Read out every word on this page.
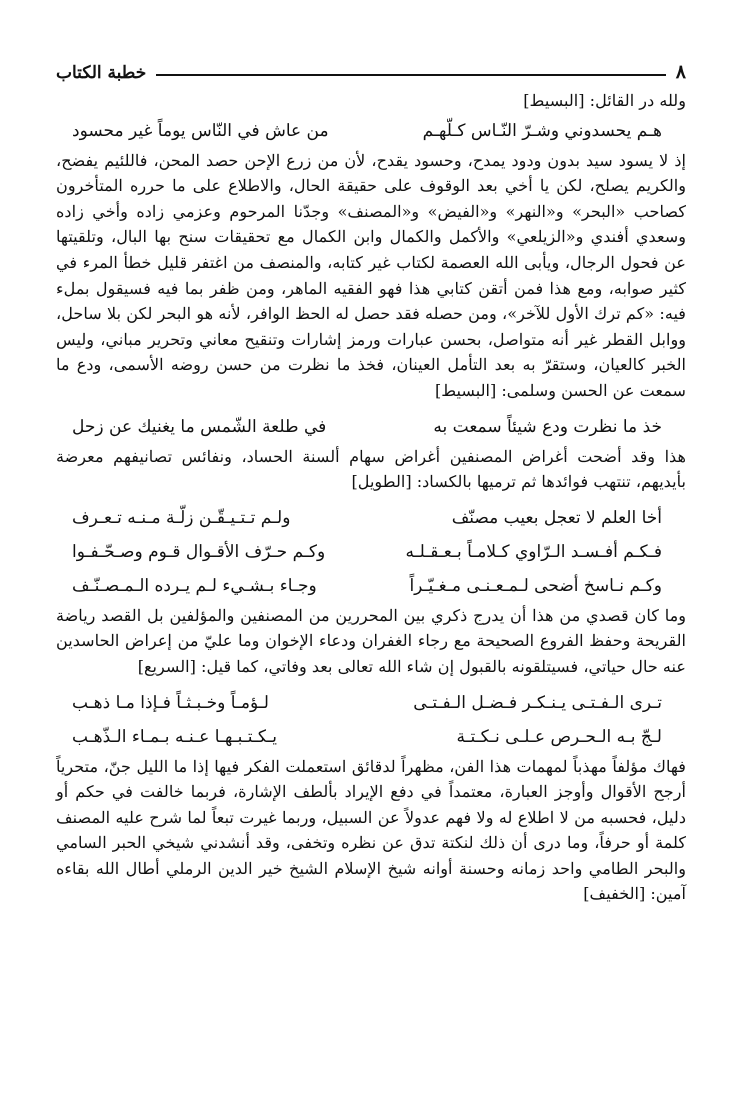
٨
خطبة الكتاب

ولله در القائل: [البسيط]

هـم يحسدوني وشـرّ النّـاس كـلّهـم
من عاش في النّاس يوماً غير محسود

إذ لا يسود سيد بدون ودود يمدح، وحسود يقدح، لأن من زرع الإحن حصد المحن، فاللئيم يفضح، والكريم يصلح، لكن يا أخي بعد الوقوف على حقيقة الحال، والاطلاع على ما حرره المتأخرون كصاحب «البحر» و«النهر» و«الفيض» و«المصنف» وجدّنا المرحوم وعزمي زاده وأخي زاده وسعدي أفندي و«الزيلعي» والأكمل والكمال وابن الكمال مع تحقيقات سنح بها البال، وتلقيتها عن فحول الرجال، ويأبى الله العصمة لكتاب غير كتابه، والمنصف من اغتفر قليل خطأ المرء في كثير صوابه، ومع هذا فمن أتقن كتابي هذا فهو الفقيه الماهر، ومن ظفر بما فيه فسيقول بملء فيه: «كم ترك الأول للآخر»، ومن حصله فقد حصل له الحظ الوافر، لأنه هو البحر لكن بلا ساحل، ووابل القطر غير أنه متواصل، بحسن عبارات ورمز إشارات وتنقيح معاني وتحرير مباني، وليس الخبر كالعيان، وستقرّ به بعد التأمل العينان، فخذ ما نظرت من حسن روضه الأسمى، ودع ما سمعت عن الحسن وسلمى: [البسيط]

خذ ما نظرت ودع شيئاً سمعت به
في طلعة الشّمس ما يغنيك عن زحل

هذا وقد أضحت أغراض المصنفين أغراض سهام ألسنة الحساد، ونفائس تصانيفهم معرضة بأيديهم، تنتهب فوائدها ثم ترميها بالكساد: [الطويل]

أخا العلم لا تعجل بعيب مصنّف
ولـم تـتـيـقّـن زلّـة مـنـه تـعـرف
فـكـم أفـسـد الـرّاوي كـلامـاً بـعـقـلـه
وكـم حـرّف الأقـوال قـوم وصـحّـفـوا
وكـم نـاسخ أضحى لـمـعـنـى مـغـيّـراً
وجـاء بـشـيء لـم يـرده الـمـصـنّـف

وما كان قصدي من هذا أن يدرج ذكري بين المحررين من المصنفين والمؤلفين بل القصد رياضة القريحة وحفظ الفروع الصحيحة مع رجاء الغفران ودعاء الإخوان وما عليّ من إعراض الحاسدين عنه حال حياتي، فسيتلقونه بالقبول إن شاء الله تعالى بعد وفاتي، كما قيل: [السريع]

تـرى الـفـتـى يـنـكـر فـضـل الـفـتـى
لـؤمـاً وخـبـثـاً فـإذا مـا ذهـب
لـجّ بـه الـحـرص عـلـى نـكـتـة
يـكـتـبـهـا عـنـه بـمـاء الـذّهـب

فهاك مؤلفاً مهذباً لمهمات هذا الفن، مظهراً لدقائق استعملت الفكر فيها إذا ما الليل جنّ، متحرياً أرجح الأقوال وأوجز العبارة، معتمداً في دفع الإيراد بألطف الإشارة، فربما خالفت في حكم أو دليل، فحسبه من لا اطلاع له ولا فهم عدولاً عن السبيل، وربما غيرت تبعاً لما شرح عليه المصنف كلمة أو حرفاً، وما درى أن ذلك لنكتة تدق عن نظره وتخفى، وقد أنشدني شيخي الحبر السامي والبحر الطامي واحد زمانه وحسنة أوانه شيخ الإسلام الشيخ خير الدين الرملي أطال الله بقاءه آمين: [الخفيف]
